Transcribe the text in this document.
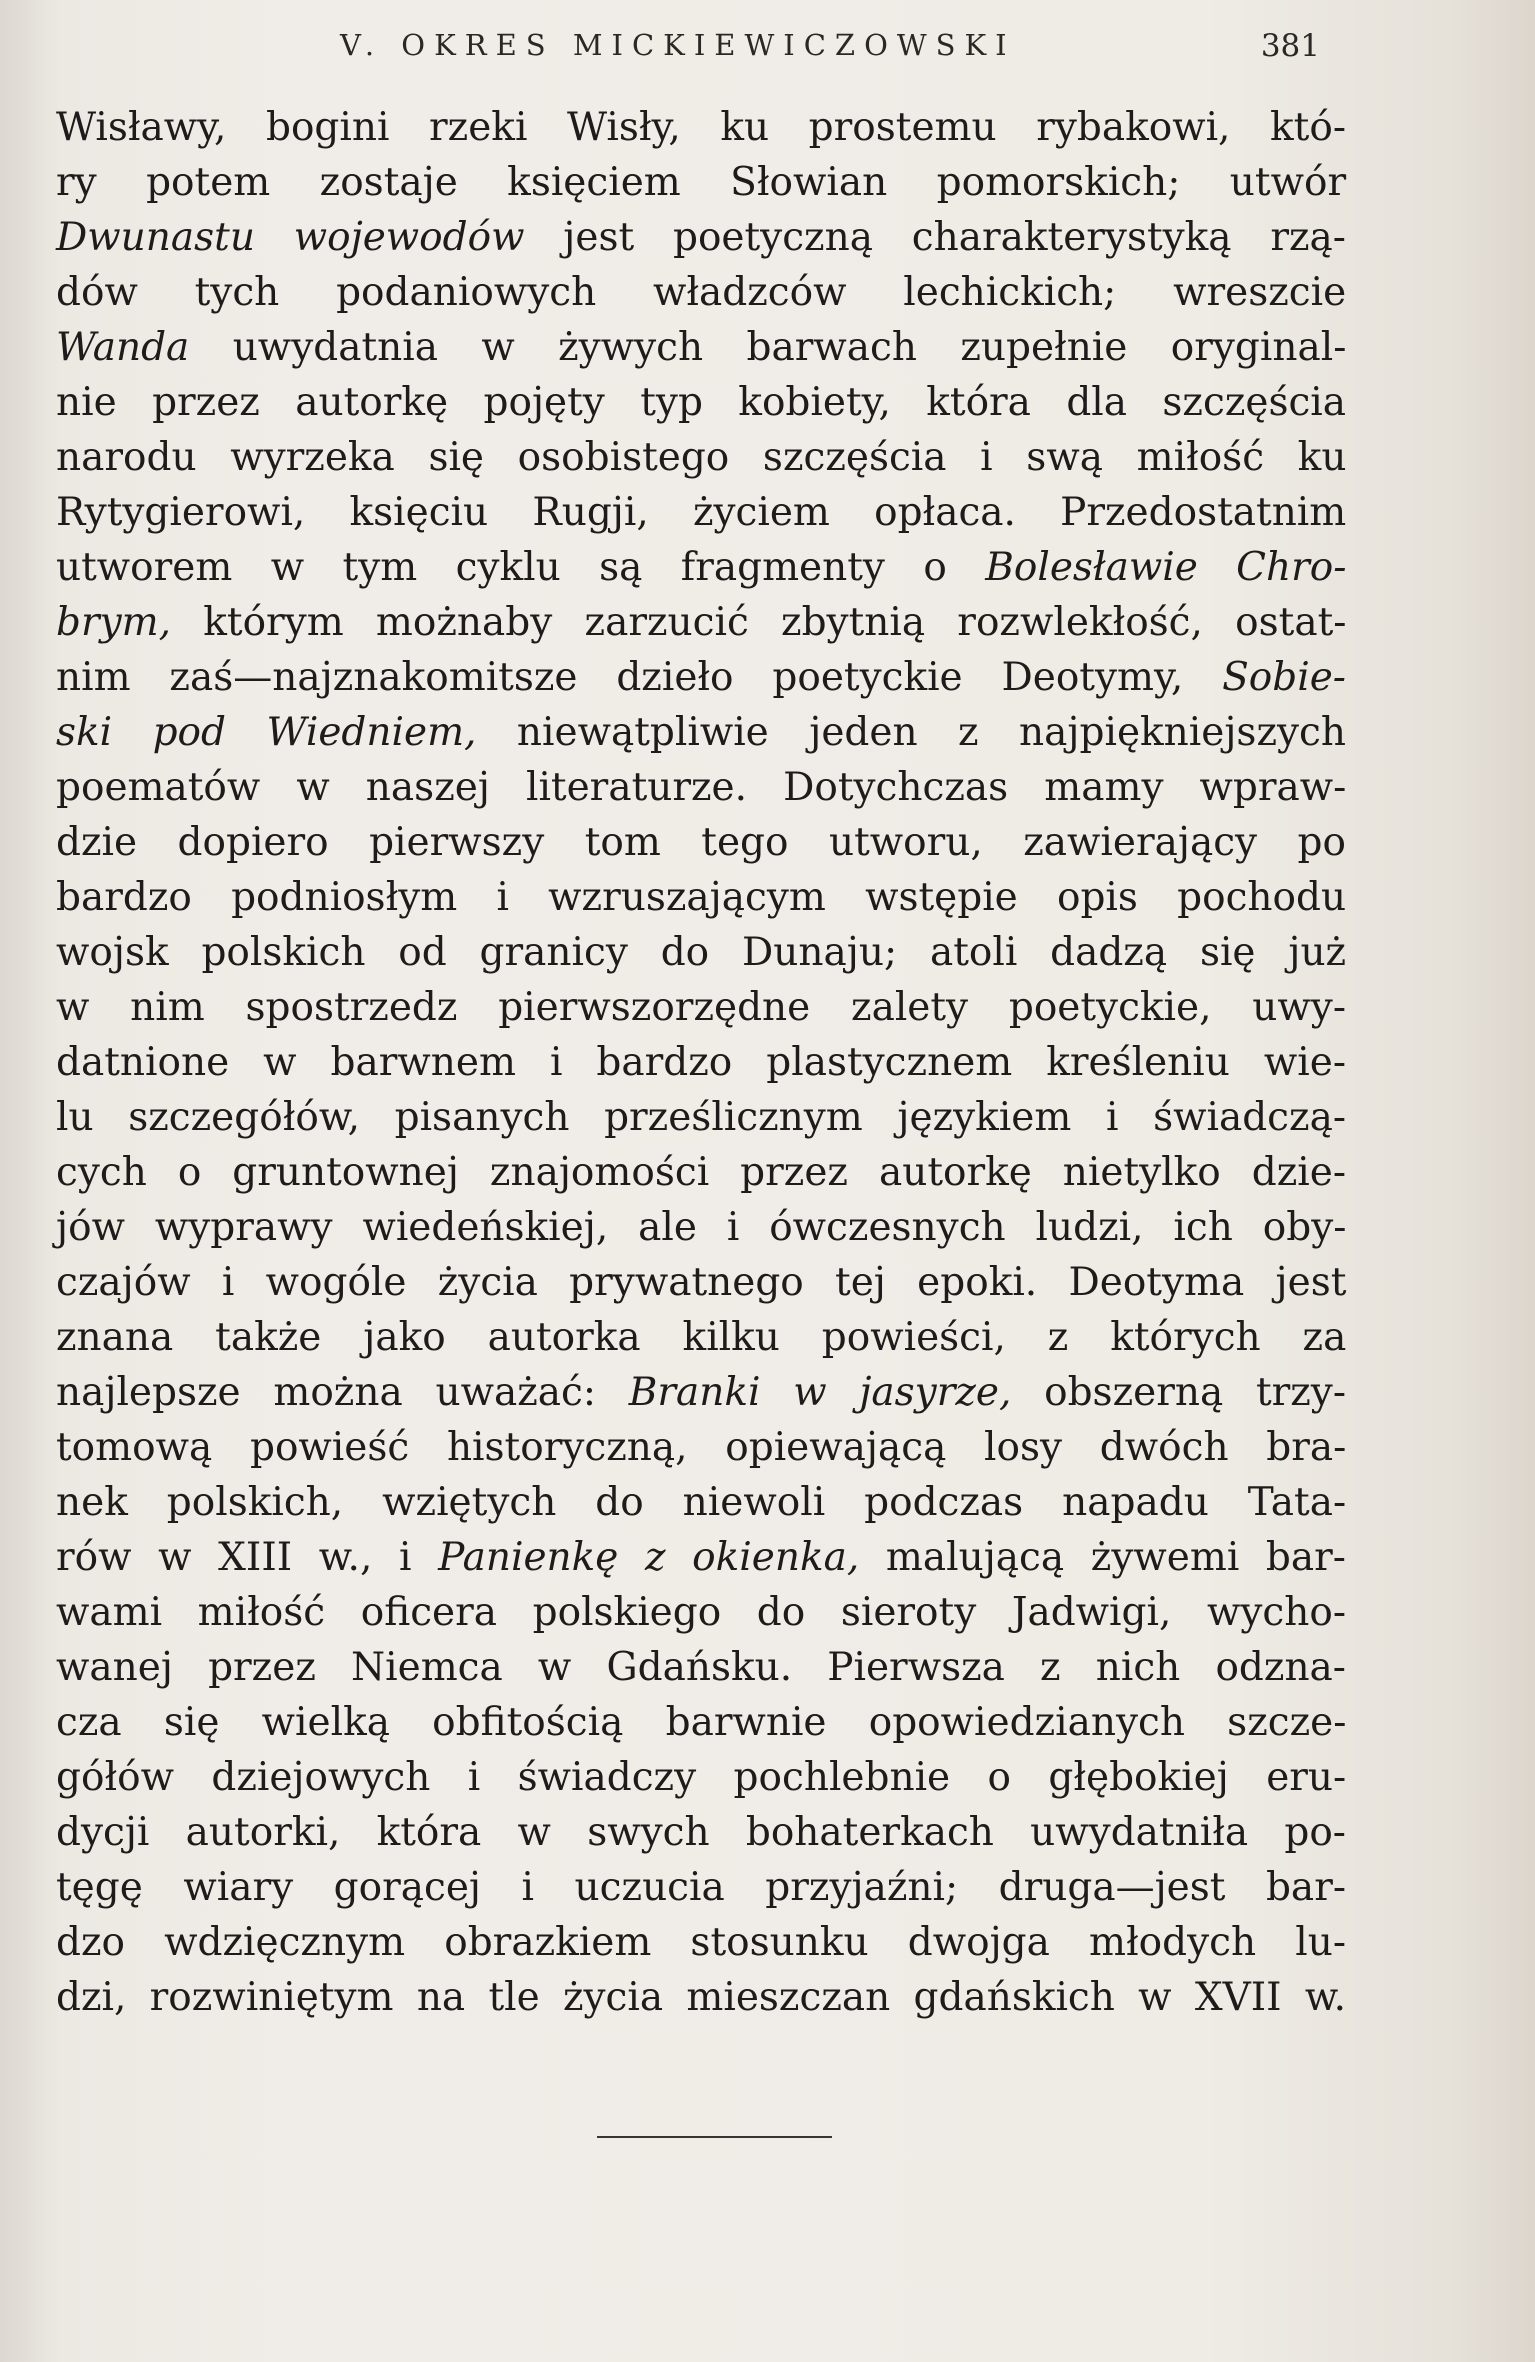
V. OKRES MICKIEWICZOWSKI	381
Wisławy, bogini rzeki Wisły, ku prostemu rybakowi, któ-
ry potem zostaje księciem Słowian pomorskich; utwór
Dwunastu wojewodów jest poetyczną charakterystyką rzą-
dów tych podaniowych władzców lechickich; wreszcie
Wanda uwydatnia w żywych barwach zupełnie oryginal-
nie przez autorkę pojęty typ kobiety, która dla szczęścia
narodu wyrzeka się osobistego szczęścia i swą miłość ku
Rytygierowi, księciu Rugji, życiem opłaca. Przedostatnim
utworem w tym cyklu są fragmenty o Bolesławie Chro-
brym, którym możnaby zarzucić zbytnią rozwlekłość, ostat-
nim zaś—najznakomitsze dzieło poetyckie Deotymy, Sobie-
ski pod Wiedniem, niewątpliwie jeden z najpiękniejszych
poematów w naszej literaturze. Dotychczas mamy wpraw-
dzie dopiero pierwszy tom tego utworu, zawierający po
bardzo podniosłym i wzruszającym wstępie opis pochodu
wojsk polskich od granicy do Dunaju; atoli dadzą się już
w nim spostrzedz pierwszorzędne zalety poetyckie, uwy-
datnione w barwnem i bardzo plastycznem kreśleniu wie-
lu szczegółów, pisanych prześlicznym językiem i świadczą-
cych o gruntownej znajomości przez autorkę nietylko dzie-
jów wyprawy wiedeńskiej, ale i ówczesnych ludzi, ich oby-
czajów i wogóle życia prywatnego tej epoki. Deotyma jest
znana także jako autorka kilku powieści, z których za
najlepsze można uważać: Branki w jasyrze, obszerną trzy-
tomową powieść historyczną, opiewającą losy dwóch bra-
nek polskich, wziętych do niewoli podczas napadu Tata-
rów w XIII w., i Panienkę z okienka, malującą żywemi bar-
wami miłość oficera polskiego do sieroty Jadwigi, wycho-
wanej przez Niemca w Gdańsku. Pierwsza z nich odzna-
cza się wielką obfitością barwnie opowiedzianych szcze-
gółów dziejowych i świadczy pochlebnie o głębokiej eru-
dycji autorki, która w swych bohaterkach uwydatniła po-
tęgę wiary gorącej i uczucia przyjaźni; druga—jest bar-
dzo wdzięcznym obrazkiem stosunku dwojga młodych lu-
dzi, rozwiniętym na tle życia mieszczan gdańskich w XVII w.
